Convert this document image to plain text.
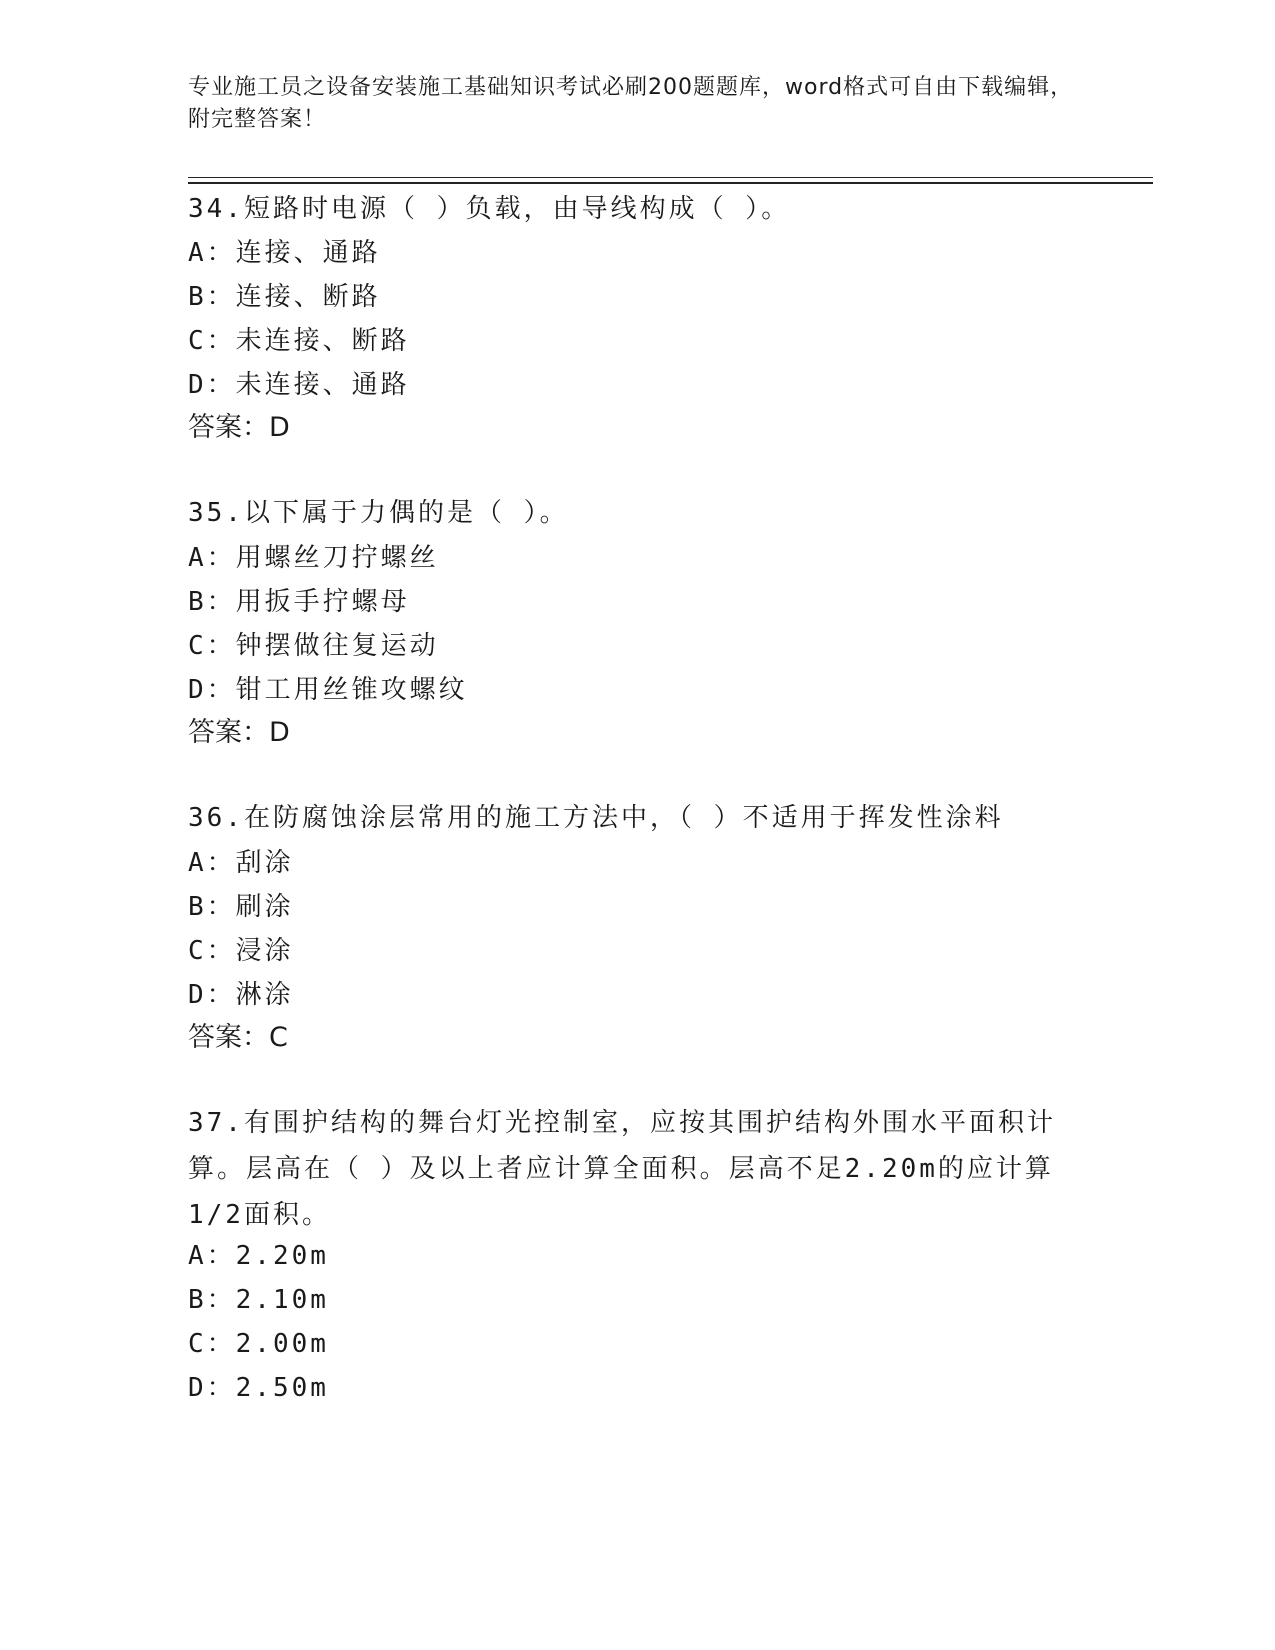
专业施工员之设备安装施工基础知识考试必刷200题题库，word格式可自由下载编辑，附完整答案！
34.短路时电源（ ）负载，由导线构成（ ）。
A：连接、通路
B：连接、断路
C：未连接、断路
D：未连接、通路
答案：D
35.以下属于力偶的是（ ）。
A：用螺丝刀拧螺丝
B：用扳手拧螺母
C：钟摆做往复运动
D：钳工用丝锥攻螺纹
答案：D
36.在防腐蚀涂层常用的施工方法中，（ ）不适用于挥发性涂料
A：刮涂
B：刷涂
C：浸涂
D：淋涂
答案：C
37.有围护结构的舞台灯光控制室，应按其围护结构外围水平面积计算。层高在（ ）及以上者应计算全面积。层高不足2.20m的应计算1/2面积。
A：2.20m
B：2.10m
C：2.00m
D：2.50m
